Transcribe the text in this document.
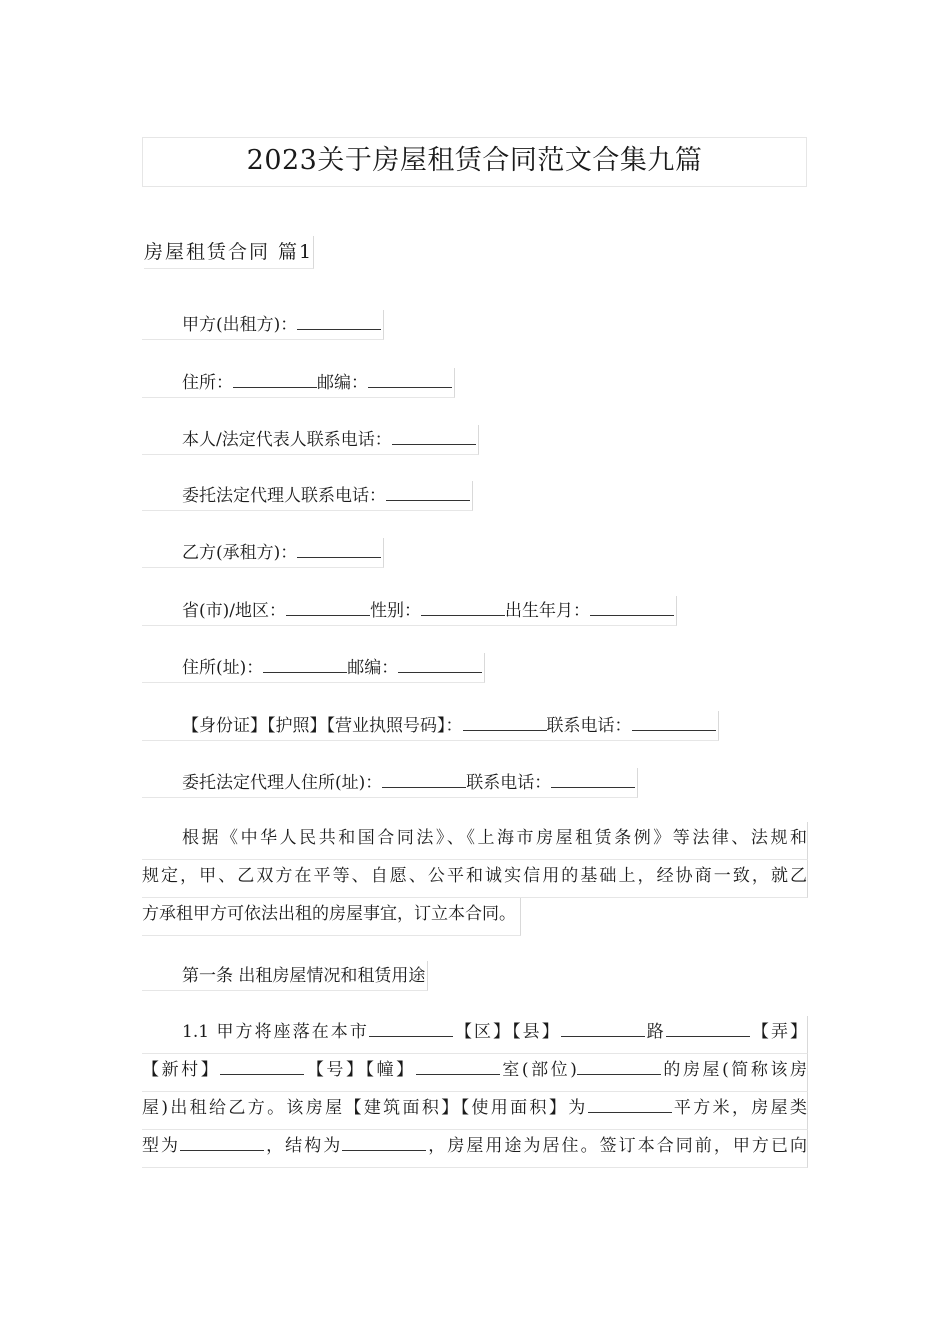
2023关于房屋租赁合同范文合集九篇
房屋租赁合同 篇1
甲方(出租方)：
住所：	邮编：
本人/法定代表人联系电话：
委托法定代理人联系电话：
乙方(承租方)：
省(市)/地区：	性别：	出生年月：
住所(址)：	邮编：
【身份证】【护照】【营业执照号码】：	联系电话：
委托法定代理人住所(址)：	联系电话：
根据《中华人民共和国合同法》、《上海市房屋租赁条例》等法律、法规和
规定，甲、乙双方在平等、自愿、公平和诚实信用的基础上，经协商一致，就乙
方承租甲方可依法出租的房屋事宜，订立本合同。
第一条 出租房屋情况和租赁用途
1.1 甲方将座落在本市	【区】【县】	路	【弄】
【新村】	【号】【幢】	室(部位)	的房屋(简称该房
屋)出租给乙方。该房屋【建筑面积】【使用面积】为	平方米，房屋类
型为	，结构为	，房屋用途为居住。签订本合同前，甲方已向
